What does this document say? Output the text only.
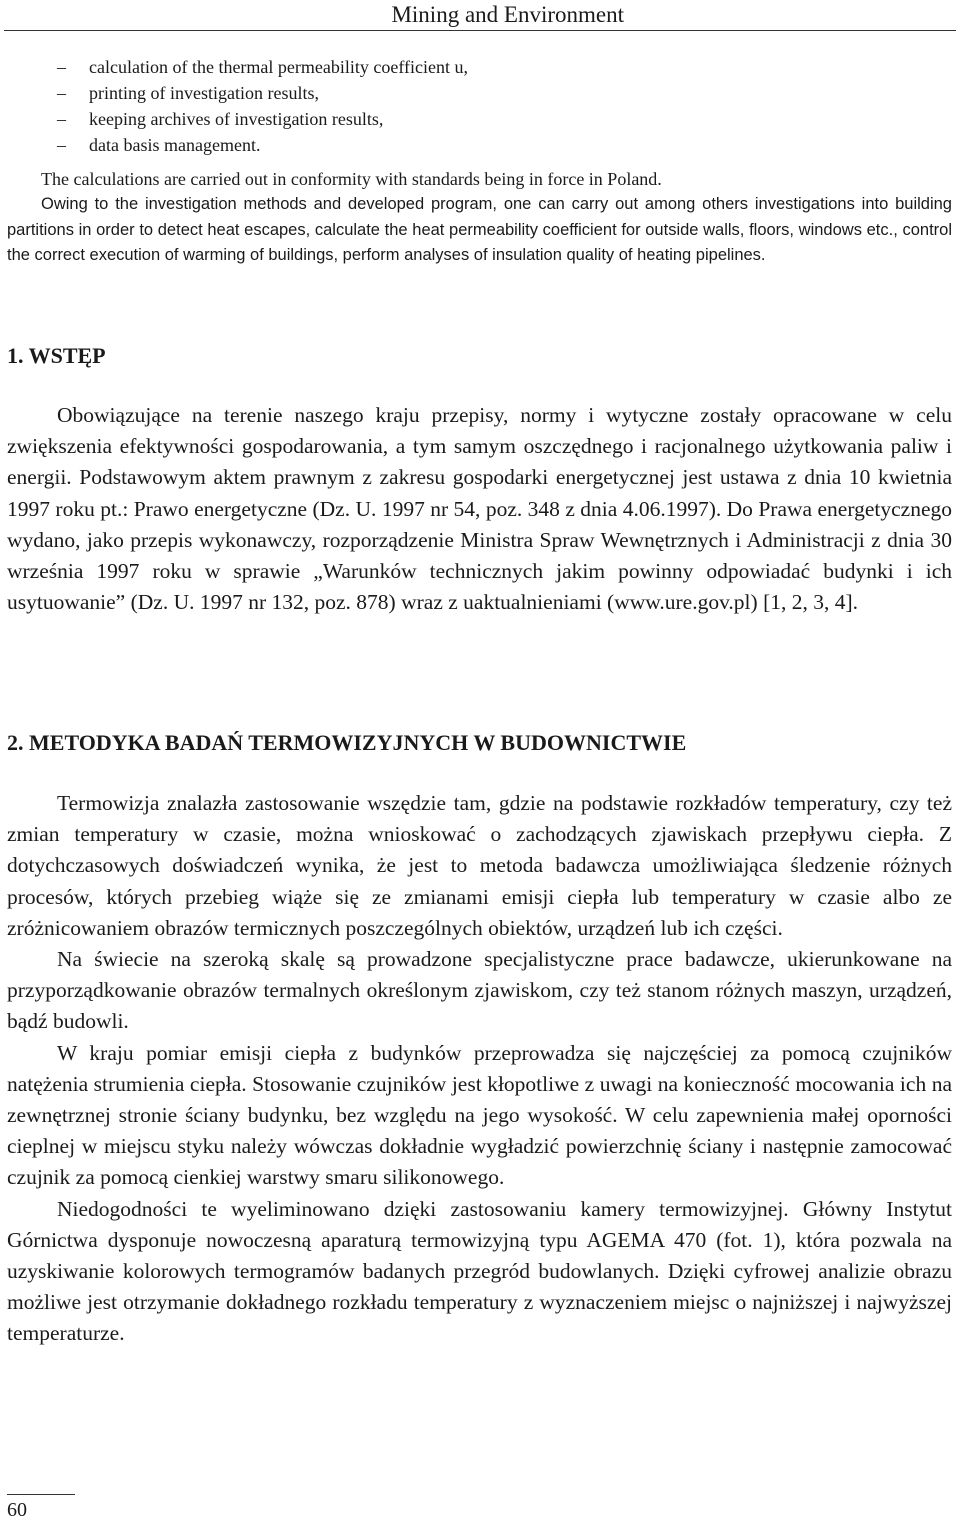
Mining and Environment
– calculation of the thermal permeability coefficient u,
– printing of investigation results,
– keeping archives of investigation results,
– data basis management.

The calculations are carried out in conformity with standards being in force in Poland.

Owing to the investigation methods and developed program, one can carry out among others investigations into building partitions in order to detect heat escapes, calculate the heat permeability coefficient for outside walls, floors, windows etc., control the correct execution of warming of buildings, perform analyses of insulation quality of heating pipelines.

1. WSTĘP

Obowiązujące na terenie naszego kraju przepisy, normy i wytyczne zostały opracowane w celu zwiększenia efektywności gospodarowania, a tym samym oszczędnego i racjonalnego użytkowania paliw i energii. Podstawowym aktem prawnym z zakresu gospodarki energetycznej jest ustawa z dnia 10 kwietnia 1997 roku pt.: Prawo energetyczne (Dz. U. 1997 nr 54, poz. 348 z dnia 4.06.1997). Do Prawa energetycznego wydano, jako przepis wykonawczy, rozporządzenie Ministra Spraw Wewnętrznych i Administracji z dnia 30 września 1997 roku w sprawie „Warunków technicznych jakim powinny odpowiadać budynki i ich usytuowanie” (Dz. U. 1997 nr 132, poz. 878) wraz z uaktualnieniami (www.ure.gov.pl) [1, 2, 3, 4].

2. METODYKA BADAŃ TERMOWIZYJNYCH W BUDOWNICTWIE

Termowizja znalazła zastosowanie wszędzie tam, gdzie na podstawie rozkładów temperatury, czy też zmian temperatury w czasie, można wnioskować o zachodzących zjawiskach przepływu ciepła. Z dotychczasowych doświadczeń wynika, że jest to metoda badawcza umożliwiająca śledzenie różnych procesów, których przebieg wiąże się ze zmianami emisji ciepła lub temperatury w czasie albo ze zróżnicowaniem obrazów termicznych poszczególnych obiektów, urządzeń lub ich części.

Na świecie na szeroką skalę są prowadzone specjalistyczne prace badawcze, ukierunkowane na przyporządkowanie obrazów termalnych określonym zjawiskom, czy też stanom różnych maszyn, urządzeń, bądź budowli.

W kraju pomiar emisji ciepła z budynków przeprowadza się najczęściej za pomocą czujników natężenia strumienia ciepła. Stosowanie czujników jest kłopotliwe z uwagi na konieczność mocowania ich na zewnętrznej stronie ściany budynku, bez względu na jego wysokość. W celu zapewnienia małej oporności cieplnej w miejscu styku należy wówczas dokładnie wygładzić powierzchnię ściany i następnie zamocować czujnik za pomocą cienkiej warstwy smaru silikonowego.

Niedogodności te wyeliminowano dzięki zastosowaniu kamery termowizyjnej. Główny Instytut Górnictwa dysponuje nowoczesną aparaturą termowizyjną typu AGEMA 470 (fot. 1), która pozwala na uzyskiwanie kolorowych termogramów badanych przegród budowlanych. Dzięki cyfrowej analizie obrazu możliwe jest otrzymanie dokładnego rozkładu temperatury z wyznaczeniem miejsc o najniższej i najwyższej temperaturze.

60
